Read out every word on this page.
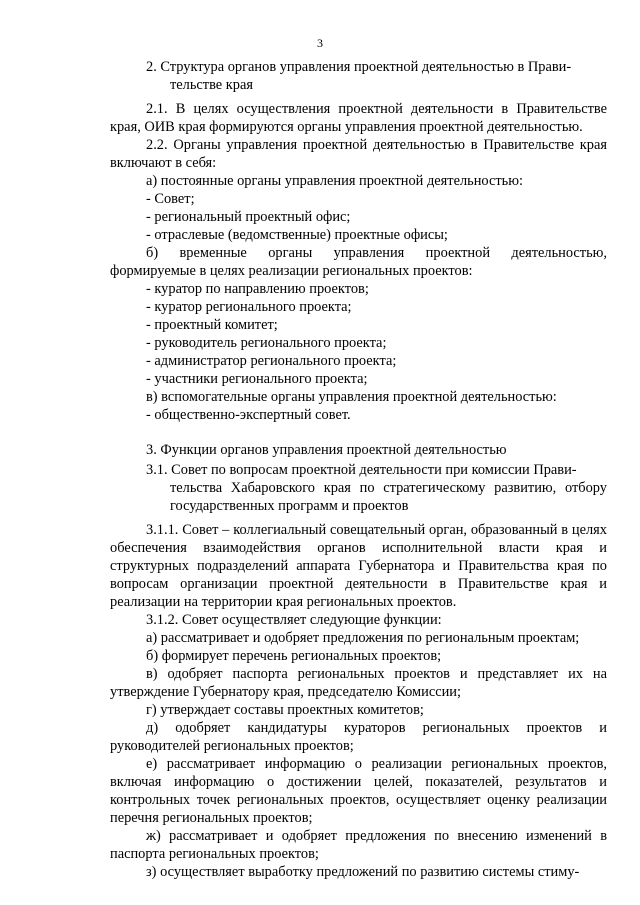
3

2. Структура органов управления проектной деятельностью в Прави-
тельстве края

2.1. В целях осуществления проектной деятельности в Правительстве края, ОИВ края формируются органы управления проектной деятельностью.

2.2. Органы управления проектной деятельностью в Правительстве края включают в себя:

а) постоянные органы управления проектной деятельностью:

- Совет;

- региональный проектный офис;

- отраслевые (ведомственные) проектные офисы;

б) временные органы управления проектной деятельностью, формируемые в целях реализации региональных проектов:

- куратор по направлению проектов;

- куратор регионального проекта;

- проектный комитет;

- руководитель регионального проекта;

- администратор регионального проекта;

- участники регионального проекта;

в) вспомогательные органы управления проектной деятельностью:

- общественно-экспертный совет.

3. Функции органов управления проектной деятельностью

3.1. Совет по вопросам проектной деятельности при комиссии Прави-
тельства Хабаровского края по стратегическому развитию, отбору государственных программ и проектов

3.1.1. Совет – коллегиальный совещательный орган, образованный в целях обеспечения взаимодействия органов исполнительной власти края и структурных подразделений аппарата Губернатора и Правительства края по вопросам организации проектной деятельности в Правительстве края и реализации на территории края региональных проектов.

3.1.2. Совет осуществляет следующие функции:

а) рассматривает и одобряет предложения по региональным проектам;

б) формирует перечень региональных проектов;

в) одобряет паспорта региональных проектов и представляет их на утверждение Губернатору края, председателю Комиссии;

г) утверждает составы проектных комитетов;

д) одобряет кандидатуры кураторов региональных проектов и руководителей региональных проектов;

е) рассматривает информацию о реализации региональных проектов, включая информацию о достижении целей, показателей, результатов и контрольных точек региональных проектов, осуществляет оценку реализации перечня региональных проектов;

ж) рассматривает и одобряет предложения по внесению изменений в паспорта региональных проектов;

з) осуществляет выработку предложений по развитию системы стиму-
